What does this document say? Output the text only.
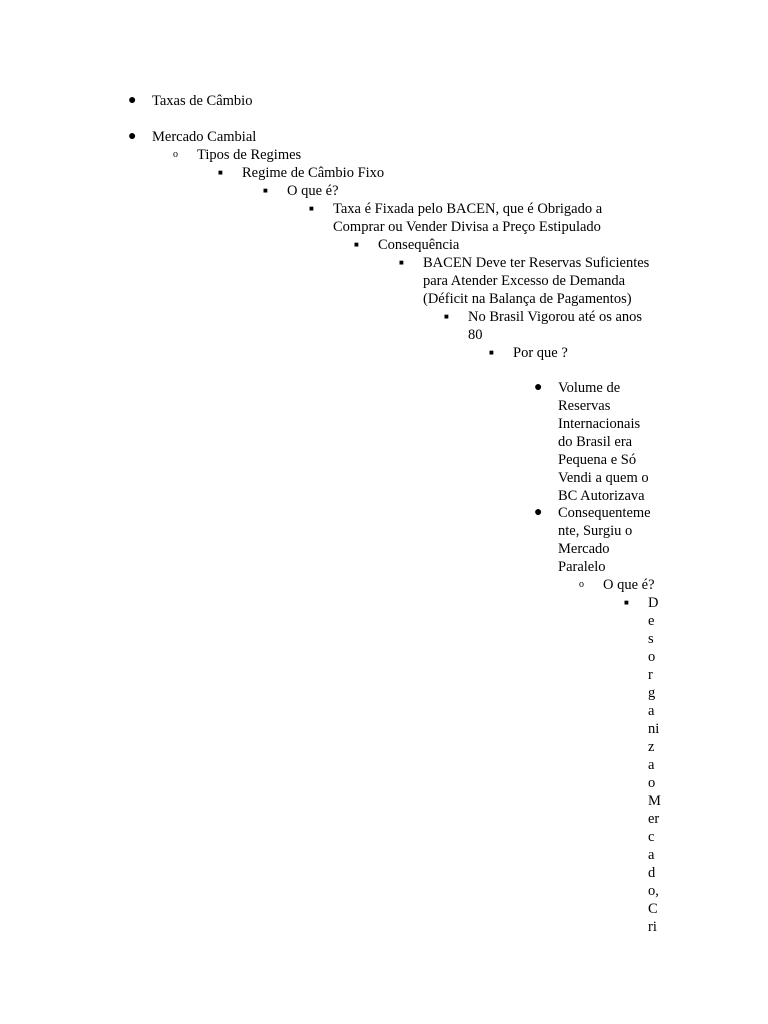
●	Taxas de Câmbio
●	Mercado Cambial
o	Tipos de Regimes
■	Regime de Câmbio Fixo
■	O que é?
■	Taxa é Fixada pelo BACEN, que é Obrigado a
Comprar ou Vender Divisa a Preço Estipulado
■	Consequência
■	BACEN Deve ter Reservas Suficientes
para Atender Excesso de Demanda
(Déficit na Balança de Pagamentos)
■	No Brasil Vigorou até os anos
80
■	Por que ?
●	Volume de
Reservas
Internacionais
do Brasil era
Pequena e Só
Vendi a quem o
BC Autorizava
●	Consequenteme
nte, Surgiu o
Mercado
Paralelo
o	O que é?
■	D
e
s
o
r
g
a
ni
z
a
o
M
er
c
a
d
o,
C
ri
